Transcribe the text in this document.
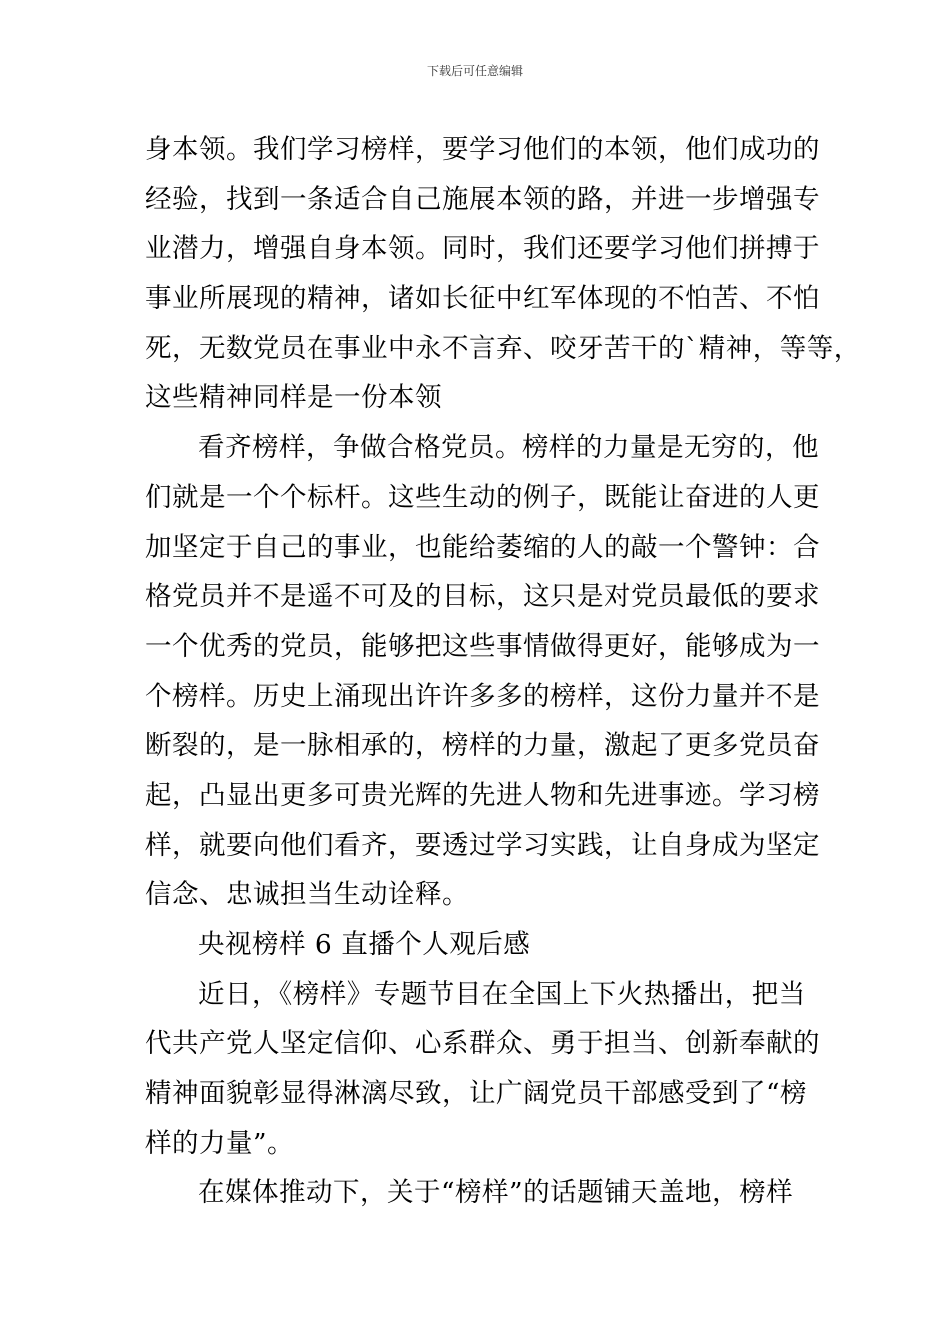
下载后可任意编辑
身本领。我们学习榜样，要学习他们的本领，他们成功的
经验，找到一条适合自己施展本领的路，并进一步增强专
业潜力，增强自身本领。同时，我们还要学习他们拼搏于
事业所展现的精神，诸如长征中红军体现的不怕苦、不怕
死，无数党员在事业中永不言弃、咬牙苦干的`精神，等等，
这些精神同样是一份本领
看齐榜样，争做合格党员。榜样的力量是无穷的，他
们就是一个个标杆。这些生动的例子，既能让奋进的人更
加坚定于自己的事业，也能给萎缩的人的敲一个警钟：合
格党员并不是遥不可及的目标，这只是对党员最低的要求
一个优秀的党员，能够把这些事情做得更好，能够成为一
个榜样。历史上涌现出许许多多的榜样，这份力量并不是
断裂的，是一脉相承的，榜样的力量，激起了更多党员奋
起，凸显出更多可贵光辉的先进人物和先进事迹。学习榜
样，就要向他们看齐，要透过学习实践，让自身成为坚定
信念、忠诚担当生动诠释。
央视榜样 6 直播个人观后感
近日，《榜样》专题节目在全国上下火热播出，把当
代共产党人坚定信仰、心系群众、勇于担当、创新奉献的
精神面貌彰显得淋漓尽致，让广阔党员干部感受到了“榜
样的力量”。
在媒体推动下，关于“榜样”的话题铺天盖地，榜样
